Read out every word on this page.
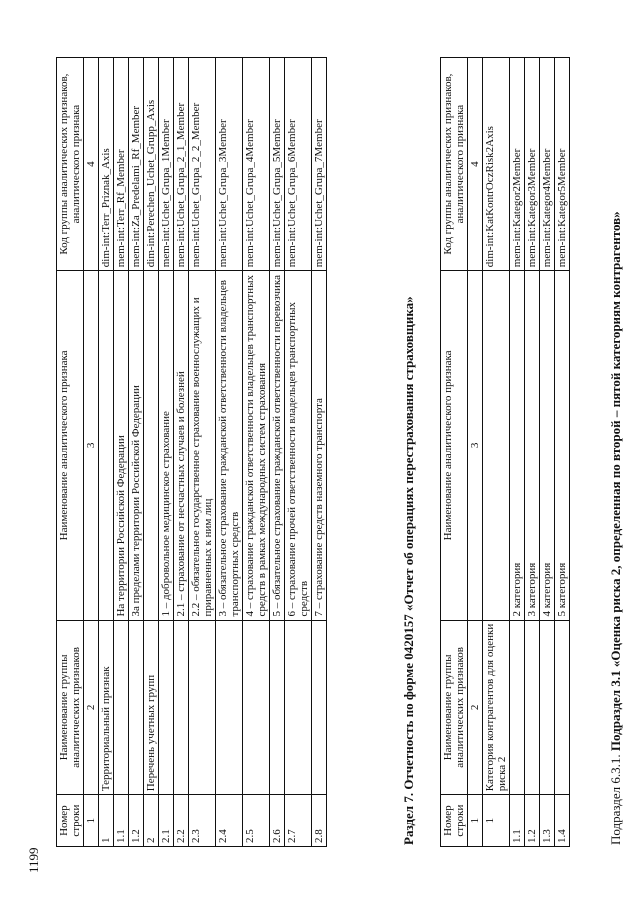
1199
Подраздел 6.3.1. Подраздел 3.1 «Оценка риска 2, определенная по второй – пятой категориям контрагентов»
Номер строки	Наименование группы аналитических признаков	Наименование аналитического признака	Код группы аналитических признаков, аналитического признака
1	2	3	4
1	Категория контрагентов для оценки риска 2		dim-int:KatKontrOczRisk2Axis
1.1		2 категория	mem-int:Kategor2Member
1.2		3 категория	mem-int:Kategor3Member
1.3		4 категория	mem-int:Kategor4Member
1.4		5 категория	mem-int:Kategor5Member
Раздел 7. Отчетность по форме 0420157 «Отчет об операциях перестрахования страховщика»
Номер строки	Наименование группы аналитических признаков	Наименование аналитического признака	Код группы аналитических признаков, аналитического признака
1	2	3	4
1	Территориальный признак		dim-int:Terr_Priznak_Axis
1.1		На территории Российской Федерации	mem-int:Terr_Rf_Member
1.2		За пределами территории Российской Федерации	mem-int:Za_Predelami_Rf_Member
2	Перечень учетных групп		dim-int:Perechen_Uchet_Grupp_Axis
2.1		1 – добровольное медицинское страхование	mem-int:Uchet_Grupa_1Member
2.2		2.1 – страхование от несчастных случаев и болезней	mem-int:Uchet_Grupa_2_1_Member
2.3		2.2 – обязательное государственное страхование военнослужащих и приравненных к ним лиц	mem-int:Uchet_Grupa_2_2_Member
2.4		3 – обязательное страхование гражданской ответственности владельцев транспортных средств	mem-int:Uchet_Grupa_3Member
2.5		4 – страхование гражданской ответственности владельцев транспортных средств в рамках международных систем страхования	mem-int:Uchet_Grupa_4Member
2.6		5 – обязательное страхование гражданской ответственности перевозчика	mem-int:Uchet_Grupa_5Member
2.7		6 – страхование прочей ответственности владельцев транспортных средств	mem-int:Uchet_Grupa_6Member
2.8		7 – страхование средств наземного транспорта	mem-int:Uchet_Grupa_7Member
